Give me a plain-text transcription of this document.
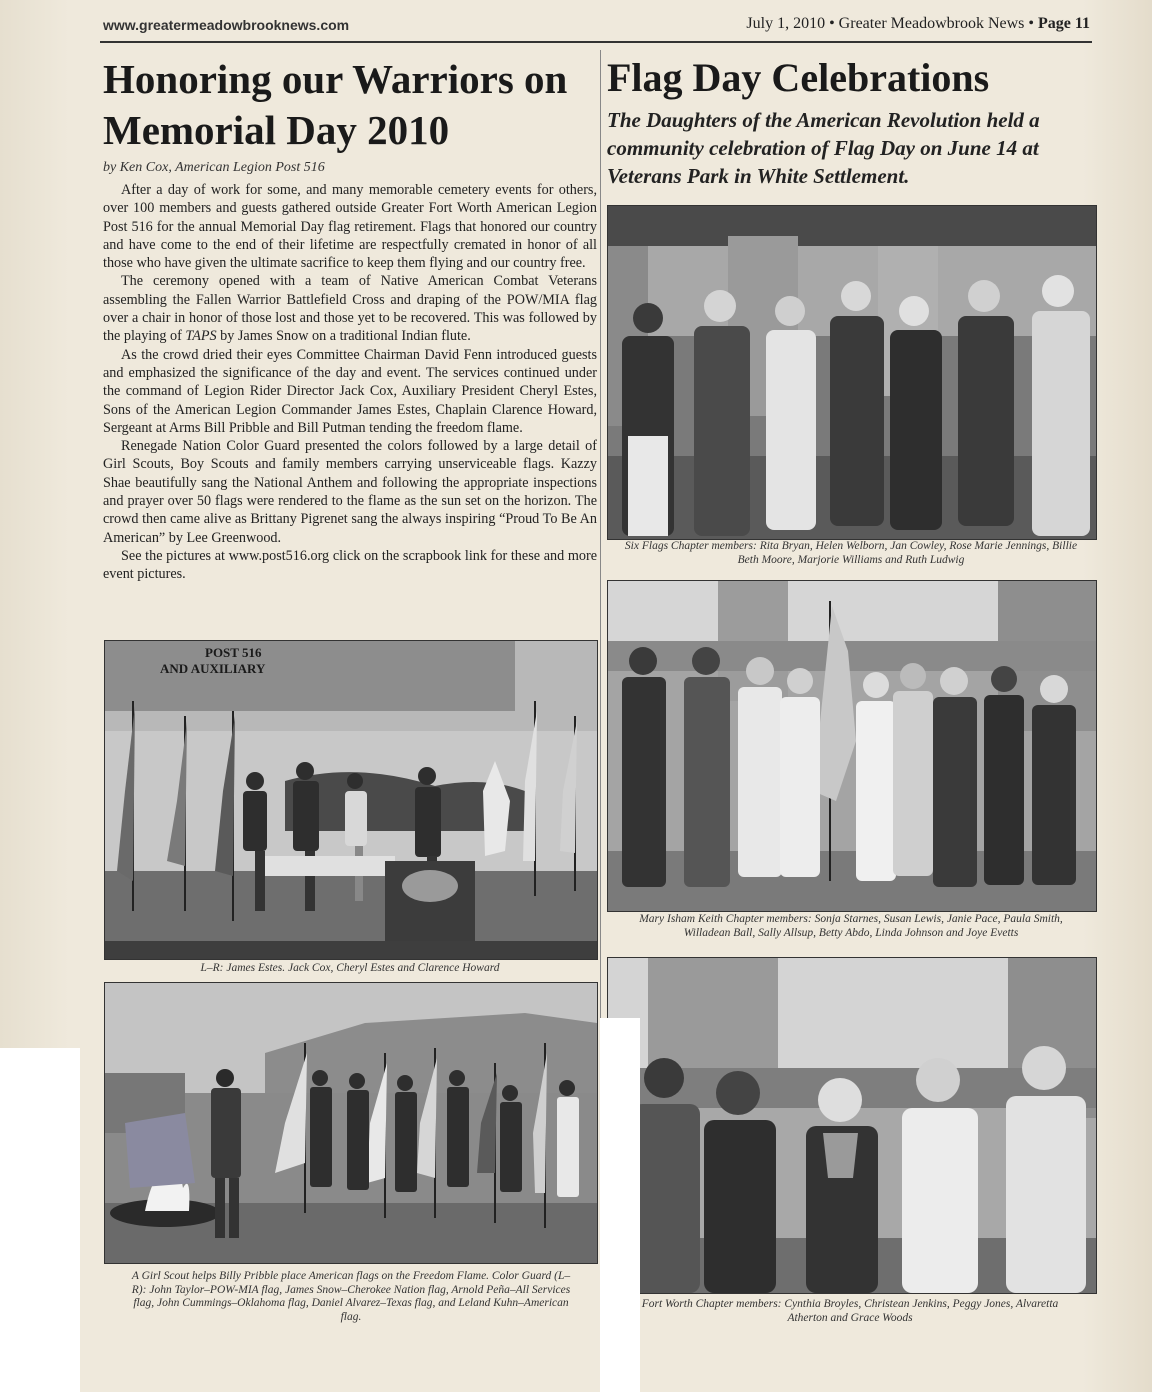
www.greatermeadowbrooknews.com	July 1, 2010 • Greater Meadowbrook News • Page 11
Honoring our Warriors on Memorial Day 2010
by Ken Cox, American Legion Post 516

After a day of work for some, and many memorable cemetery events for others, over 100 members and guests gathered outside Greater Fort Worth American Legion Post 516 for the annual Memorial Day flag retirement. Flags that honored our country and have come to the end of their lifetime are respectfully cremated in honor of all those who have given the ultimate sacrifice to keep them flying and our country free.

The ceremony opened with a team of Native American Combat Veterans assembling the Fallen Warrior Battlefield Cross and draping of the POW/MIA flag over a chair in honor of those lost and those yet to be recovered. This was followed by the playing of TAPS by James Snow on a traditional Indian flute.

As the crowd dried their eyes Committee Chairman David Fenn introduced guests and emphasized the significance of the day and event. The services continued under the command of Legion Rider Director Jack Cox, Auxiliary President Cheryl Estes, Sons of the American Legion Commander James Estes, Chaplain Clarence Howard, Sergeant at Arms Bill Pribble and Bill Putman tending the freedom flame.

Renegade Nation Color Guard presented the colors followed by a large detail of Girl Scouts, Boy Scouts and family members carrying unserviceable flags. Kazzy Shae beautifully sang the National Anthem and following the appropriate inspections and prayer over 50 flags were rendered to the flame as the sun set on the horizon. The crowd then came alive as Brittany Pigrenet sang the always inspiring “Proud To Be An American” by Lee Greenwood.

See the pictures at www.post516.org click on the scrapbook link for these and more event pictures.

POST 516
AND AUXILIARY
L–R: James Estes. Jack Cox, Cheryl Estes and Clarence Howard
A Girl Scout helps Billy Pribble place American flags on the Freedom Flame. Color Guard (L–R): John Taylor–POW-MIA flag, James Snow–Cherokee Nation flag, Arnold Peña–All Services flag, John Cummings–Oklahoma flag, Daniel Alvarez–Texas flag, and Leland Kuhn–American flag.
Flag Day Celebrations
The Daughters of the American Revolution held a community celebration of Flag Day on June 14 at Veterans Park in White Settlement.
Six Flags Chapter members: Rita Bryan, Helen Welborn, Jan Cowley, Rose Marie Jennings, Billie Beth Moore, Marjorie Williams and Ruth Ludwig
Mary Isham Keith Chapter members: Sonja Starnes, Susan Lewis, Janie Pace, Paula Smith, Willadean Ball, Sally Allsup, Betty Abdo, Linda Johnson and Joye Evetts
Fort Worth Chapter members: Cynthia Broyles, Christean Jenkins, Peggy Jones, Alvaretta Atherton and Grace Woods
